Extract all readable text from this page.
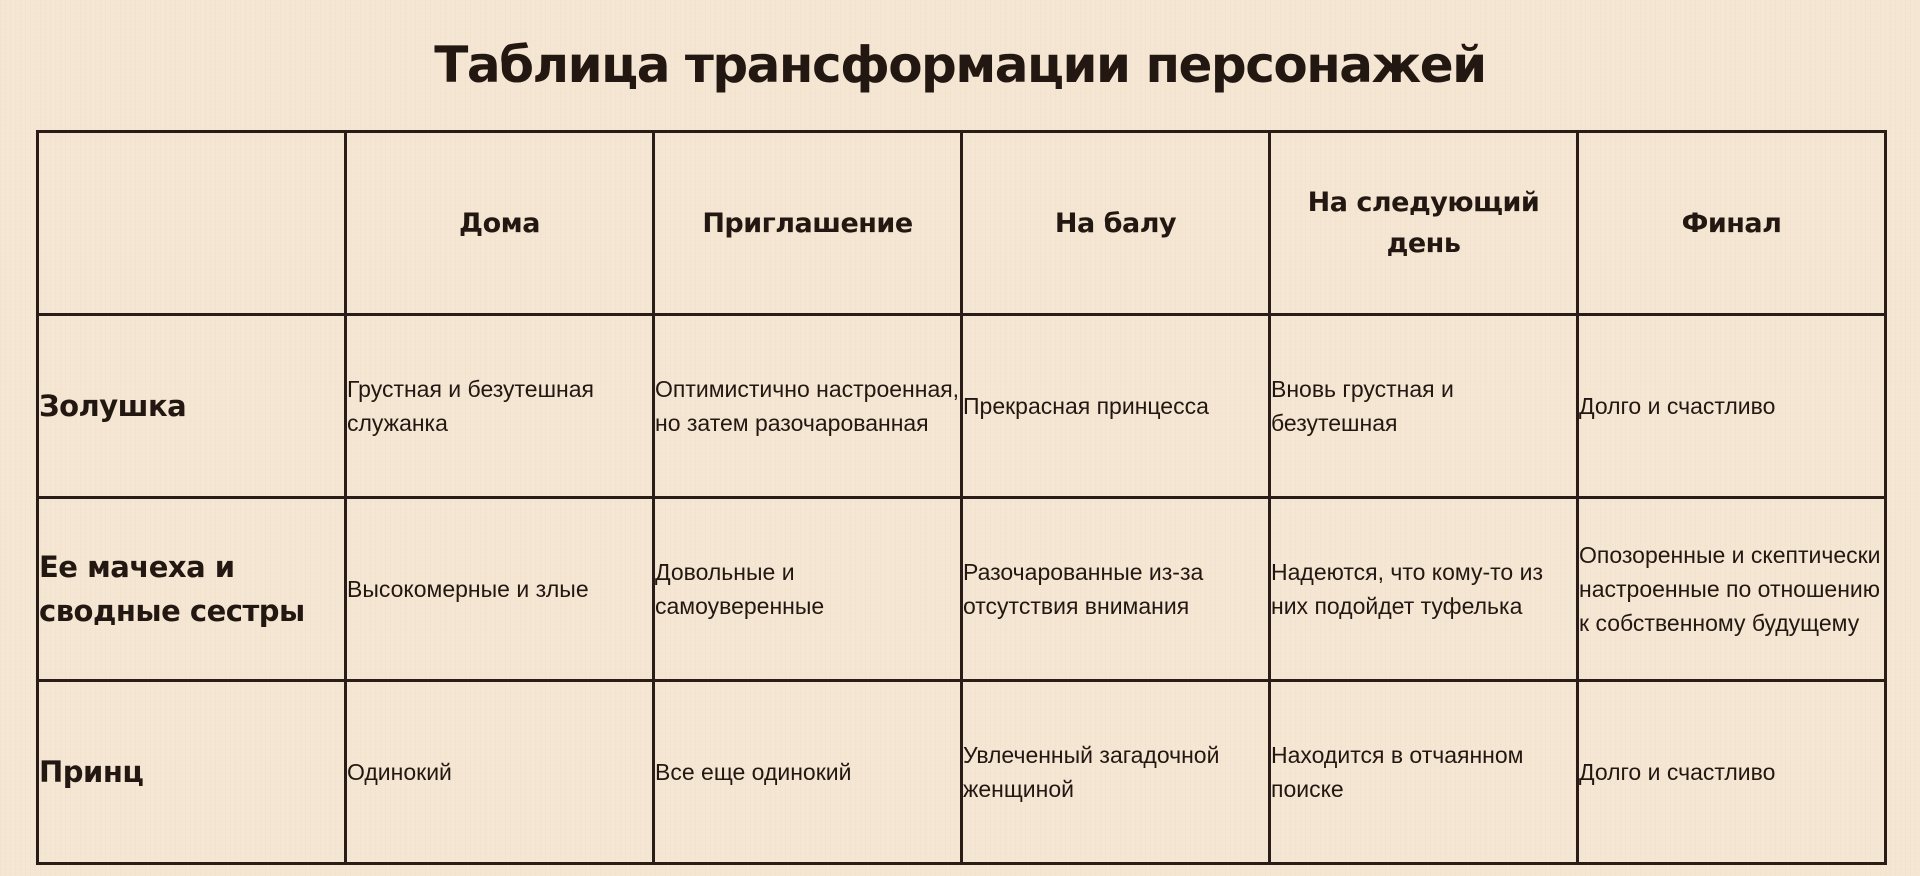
Таблица трансформации персонажей
	Дома	Приглашение	На балу	На следующий день	Финал
Золушка	Грустная и безутешная служанка	Оптимистично настроенная, но затем разочарованная	Прекрасная принцесса	Вновь грустная и безутешная	Долго и счастливо
Ее мачеха и сводные сестры	Высокомерные и злые	Довольные и самоуверенные	Разочарованные из-за отсутствия внимания	Надеются, что кому-то из них подойдет туфелька	Опозоренные и скептически настроенные по отношению к собственному будущему
Принц	Одинокий	Все еще одинокий	Увлеченный загадочной женщиной	Находится в отчаянном поиске	Долго и счастливо
